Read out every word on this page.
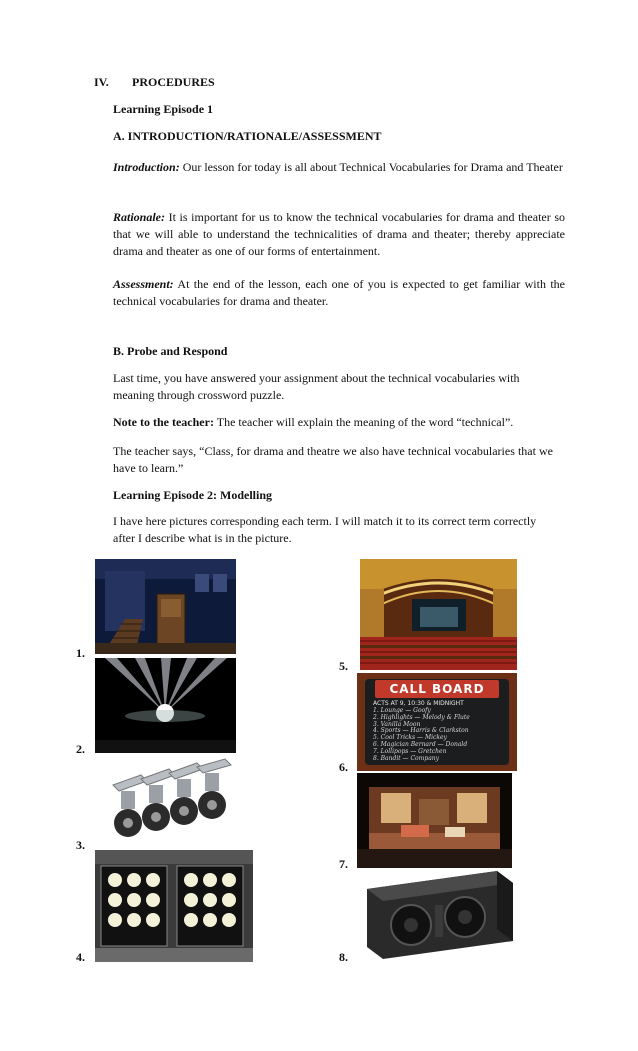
IV. PROCEDURES
Learning Episode 1
A. INTRODUCTION/RATIONALE/ASSESSMENT
Introduction: Our lesson for today is all about Technical Vocabularies for Drama and Theater
Rationale: It is important for us to know the technical vocabularies for drama and theater so that we will able to understand the technicalities of drama and theater; thereby appreciate drama and theater as one of our forms of entertainment.
Assessment: At the end of the lesson, each one of you is expected to get familiar with the technical vocabularies for drama and theater.
B. Probe and Respond
Last time, you have answered your assignment about the technical vocabularies with meaning through crossword puzzle.
Note to the teacher: The teacher will explain the meaning of the word “technical”.
The teacher says, “Class, for drama and theatre we also have technical vocabularies that we have to learn.”
Learning Episode 2: Modelling
I have here pictures corresponding each term. I will match it to its correct term correctly after I describe what is in the picture.
1.
2.
3.
4.
5.
6.
7.
8.
CALL BOARD
ACTS AT 9, 10:30 & MIDNIGHT
1. Lounge — Goofy
2. Highlights — Melody & Flute
3. Vanilla Moon
4. Sports — Harris & Clarkston
5. Cool Tricks — Mickey
6. Magician Bernard — Donald
7. Lollipops — Gretchen
8. Bandit — Company
